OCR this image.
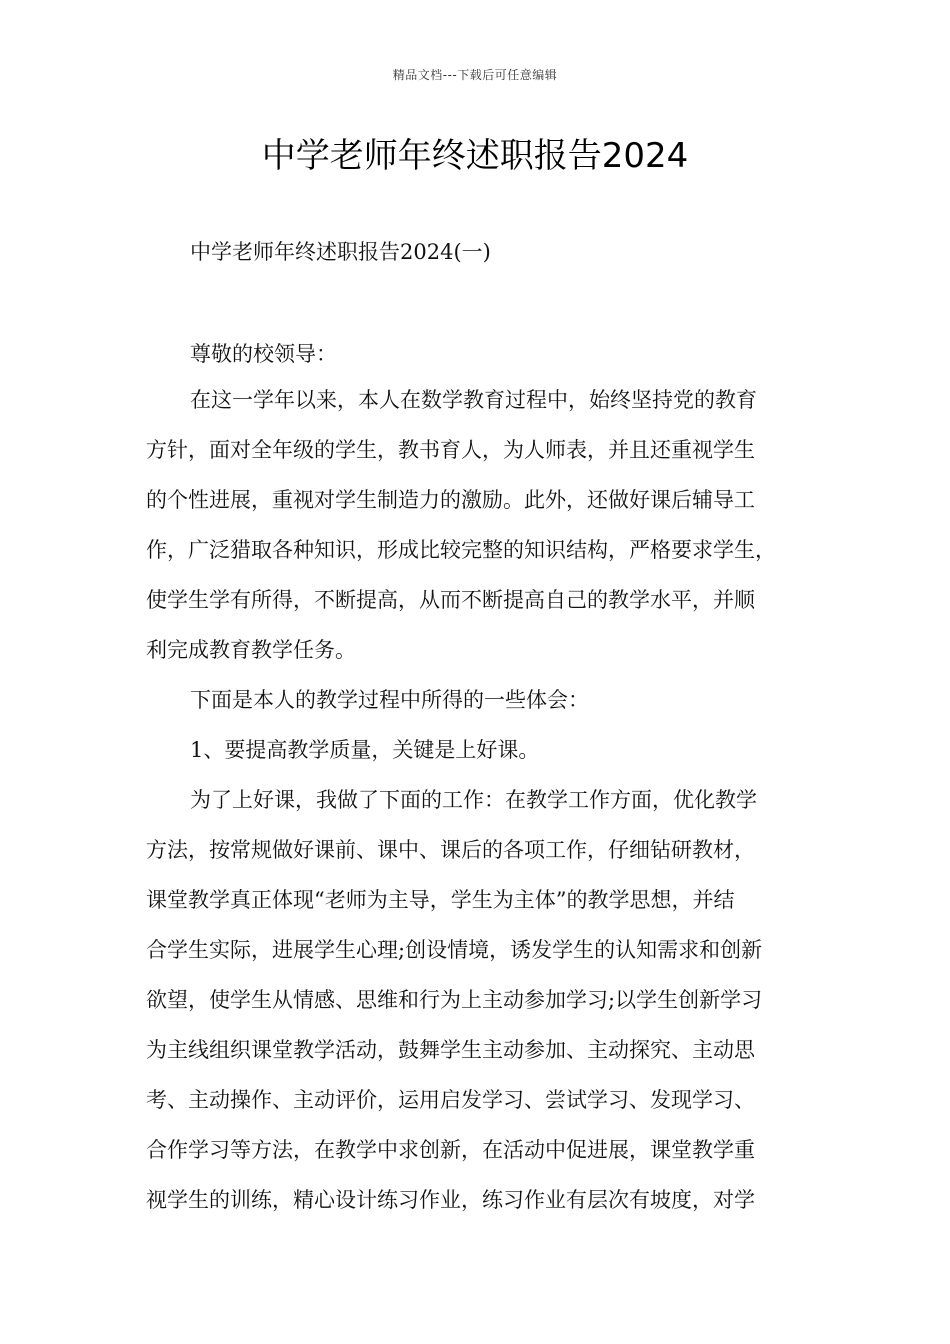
精品文档---下载后可任意编辑
中学老师年终述职报告2024
中学老师年终述职报告2024(一)
尊敬的校领导：
在这一学年以来，本人在数学教育过程中，始终坚持党的教育
方针，面对全年级的学生，教书育人，为人师表，并且还重视学生
的个性进展，重视对学生制造力的激励。此外，还做好课后辅导工
作，广泛猎取各种知识，形成比较完整的知识结构，严格要求学生，
使学生学有所得，不断提高，从而不断提高自己的教学水平，并顺
利完成教育教学任务。
下面是本人的教学过程中所得的一些体会：
1、要提高教学质量，关键是上好课。
为了上好课，我做了下面的工作：在教学工作方面，优化教学
方法，按常规做好课前、课中、课后的各项工作，仔细钻研教材，
课堂教学真正体现“老师为主导，学生为主体”的教学思想，并结
合学生实际，进展学生心理;创设情境，诱发学生的认知需求和创新
欲望，使学生从情感、思维和行为上主动参加学习;以学生创新学习
为主线组织课堂教学活动，鼓舞学生主动参加、主动探究、主动思
考、主动操作、主动评价，运用启发学习、尝试学习、发现学习、
合作学习等方法，在教学中求创新，在活动中促进展，课堂教学重
视学生的训练，精心设计练习作业，练习作业有层次有坡度，对学
